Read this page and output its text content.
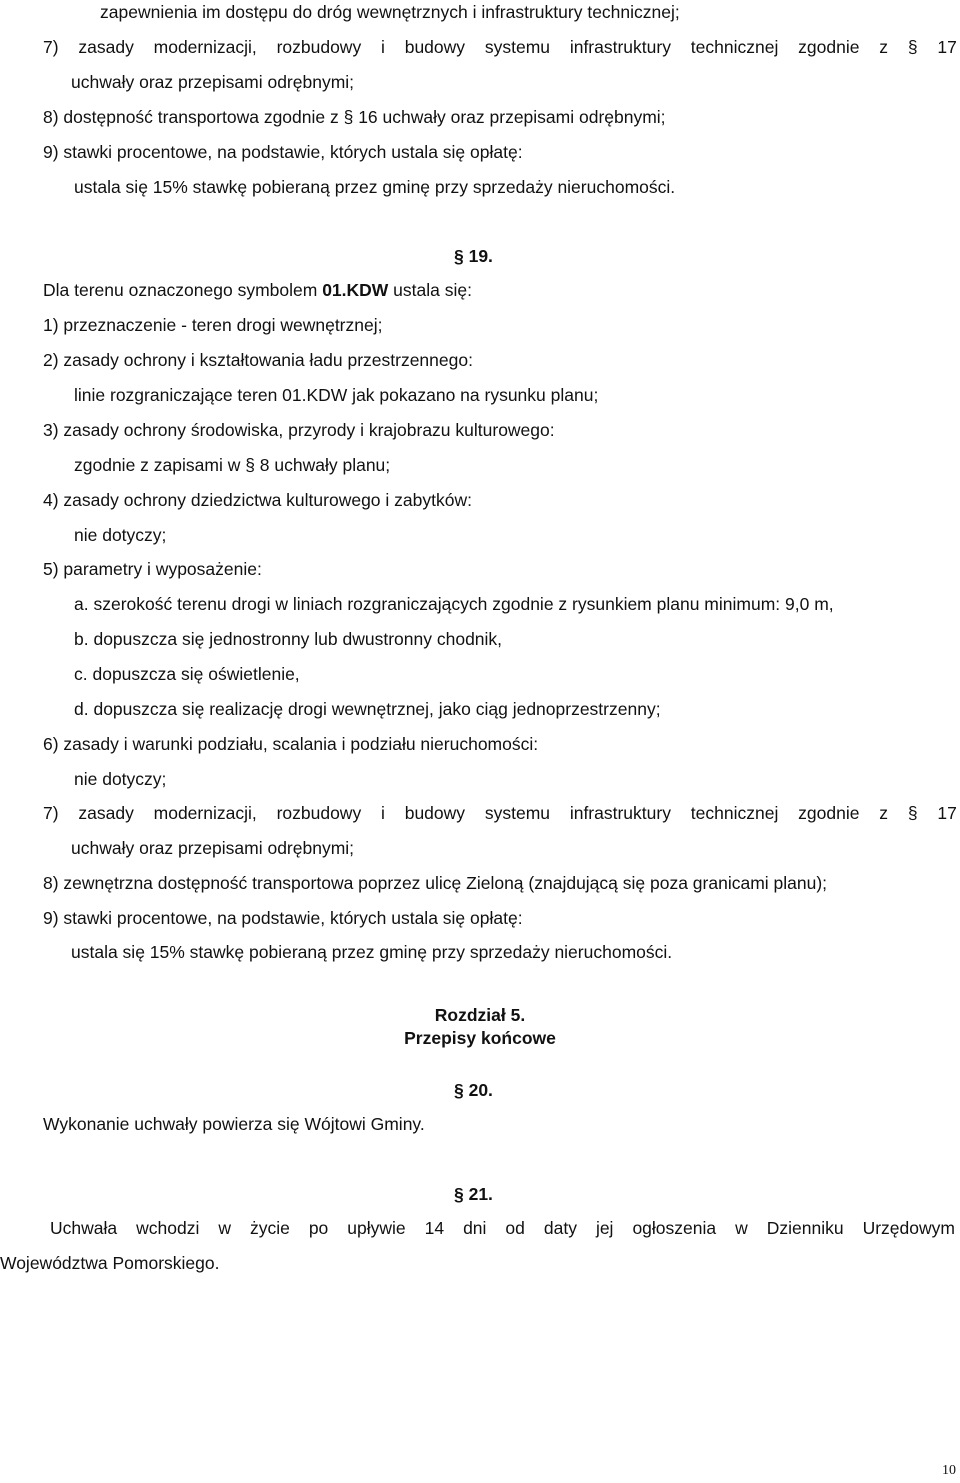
zapewnienia im dostępu do dróg wewnętrznych i infrastruktury technicznej;
7) zasady modernizacji, rozbudowy i budowy systemu infrastruktury technicznej zgodnie z § 17
uchwały oraz przepisami odrębnymi;
8) dostępność transportowa zgodnie z § 16 uchwały oraz przepisami odrębnymi;
9) stawki procentowe, na podstawie, których ustala się opłatę:
ustala się 15% stawkę pobieraną przez gminę przy sprzedaży nieruchomości.
§ 19.
Dla terenu oznaczonego symbolem 01.KDW ustala się:
1) przeznaczenie - teren drogi wewnętrznej;
2) zasady ochrony i kształtowania ładu przestrzennego:
linie rozgraniczające teren 01.KDW jak pokazano na rysunku planu;
3) zasady ochrony środowiska, przyrody i krajobrazu kulturowego:
zgodnie z zapisami w § 8 uchwały planu;
4) zasady ochrony dziedzictwa kulturowego i zabytków:
nie dotyczy;
5) parametry i wyposażenie:
a. szerokość terenu drogi w liniach rozgraniczających zgodnie z rysunkiem planu minimum: 9,0 m,
b. dopuszcza się jednostronny lub dwustronny chodnik,
c. dopuszcza się oświetlenie,
d. dopuszcza się realizację drogi wewnętrznej, jako ciąg jednoprzestrzenny;
6) zasady i warunki podziału, scalania i podziału nieruchomości:
nie dotyczy;
7) zasady modernizacji, rozbudowy i budowy systemu infrastruktury technicznej zgodnie z § 17
uchwały oraz przepisami odrębnymi;
8) zewnętrzna dostępność transportowa poprzez ulicę Zieloną (znajdującą się poza granicami planu);
9) stawki procentowe, na podstawie, których ustala się opłatę:
ustala się 15% stawkę pobieraną przez gminę przy sprzedaży nieruchomości.
Rozdział 5.
Przepisy końcowe
§ 20.
Wykonanie uchwały powierza się Wójtowi Gminy.
§ 21.
Uchwała wchodzi w życie po upływie 14 dni od daty jej ogłoszenia w Dzienniku Urzędowym
Województwa Pomorskiego.
10
